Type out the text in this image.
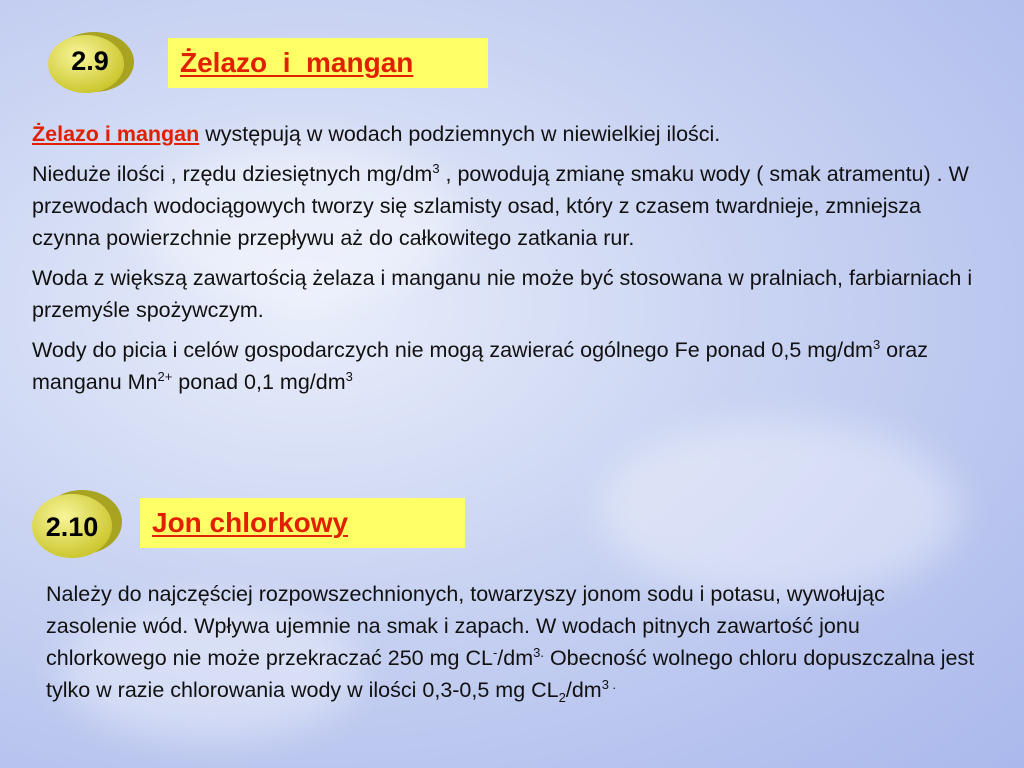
2.9	Żelazo  i  mangan

Żelazo i mangan występują w wodach podziemnych w niewielkiej ilości.

Nieduże ilości , rzędu dziesiętnych $mg/dm^3$ , powodują zmianę smaku wody ( smak atramentu) . W przewodach wodociągowych tworzy się szlamisty osad, który z czasem twardnieje, zmniejsza czynna powierzchnie przepływu aż do całkowitego zatkania rur.

Woda z większą zawartością żelaza i manganu nie może być stosowana w pralniach, farbiarniach i przemyśle spożywczym.

Wody do picia i celów gospodarczych nie mogą zawierać ogólnego Fe ponad 0,5 $mg/dm^3$ oraz manganu $Mn^{2+}$ ponad 0,1 $mg/dm^3$

2.10 Jon chlorkowy

Należy do najczęściej rozpowszechnionych, towarzyszy jonom sodu i potasu, wywołując zasolenie wód. Wpływa ujemnie na smak i zapach. W wodach pitnych zawartość jonu chlorkowego nie może przekraczać 250 mg $CL^-/dm^{3.}$ Obecność wolnego chloru dopuszczalna jest tylko w razie chlorowania wody w ilości 0,3-0,5 mg $CL_2/dm^{3 .}$
